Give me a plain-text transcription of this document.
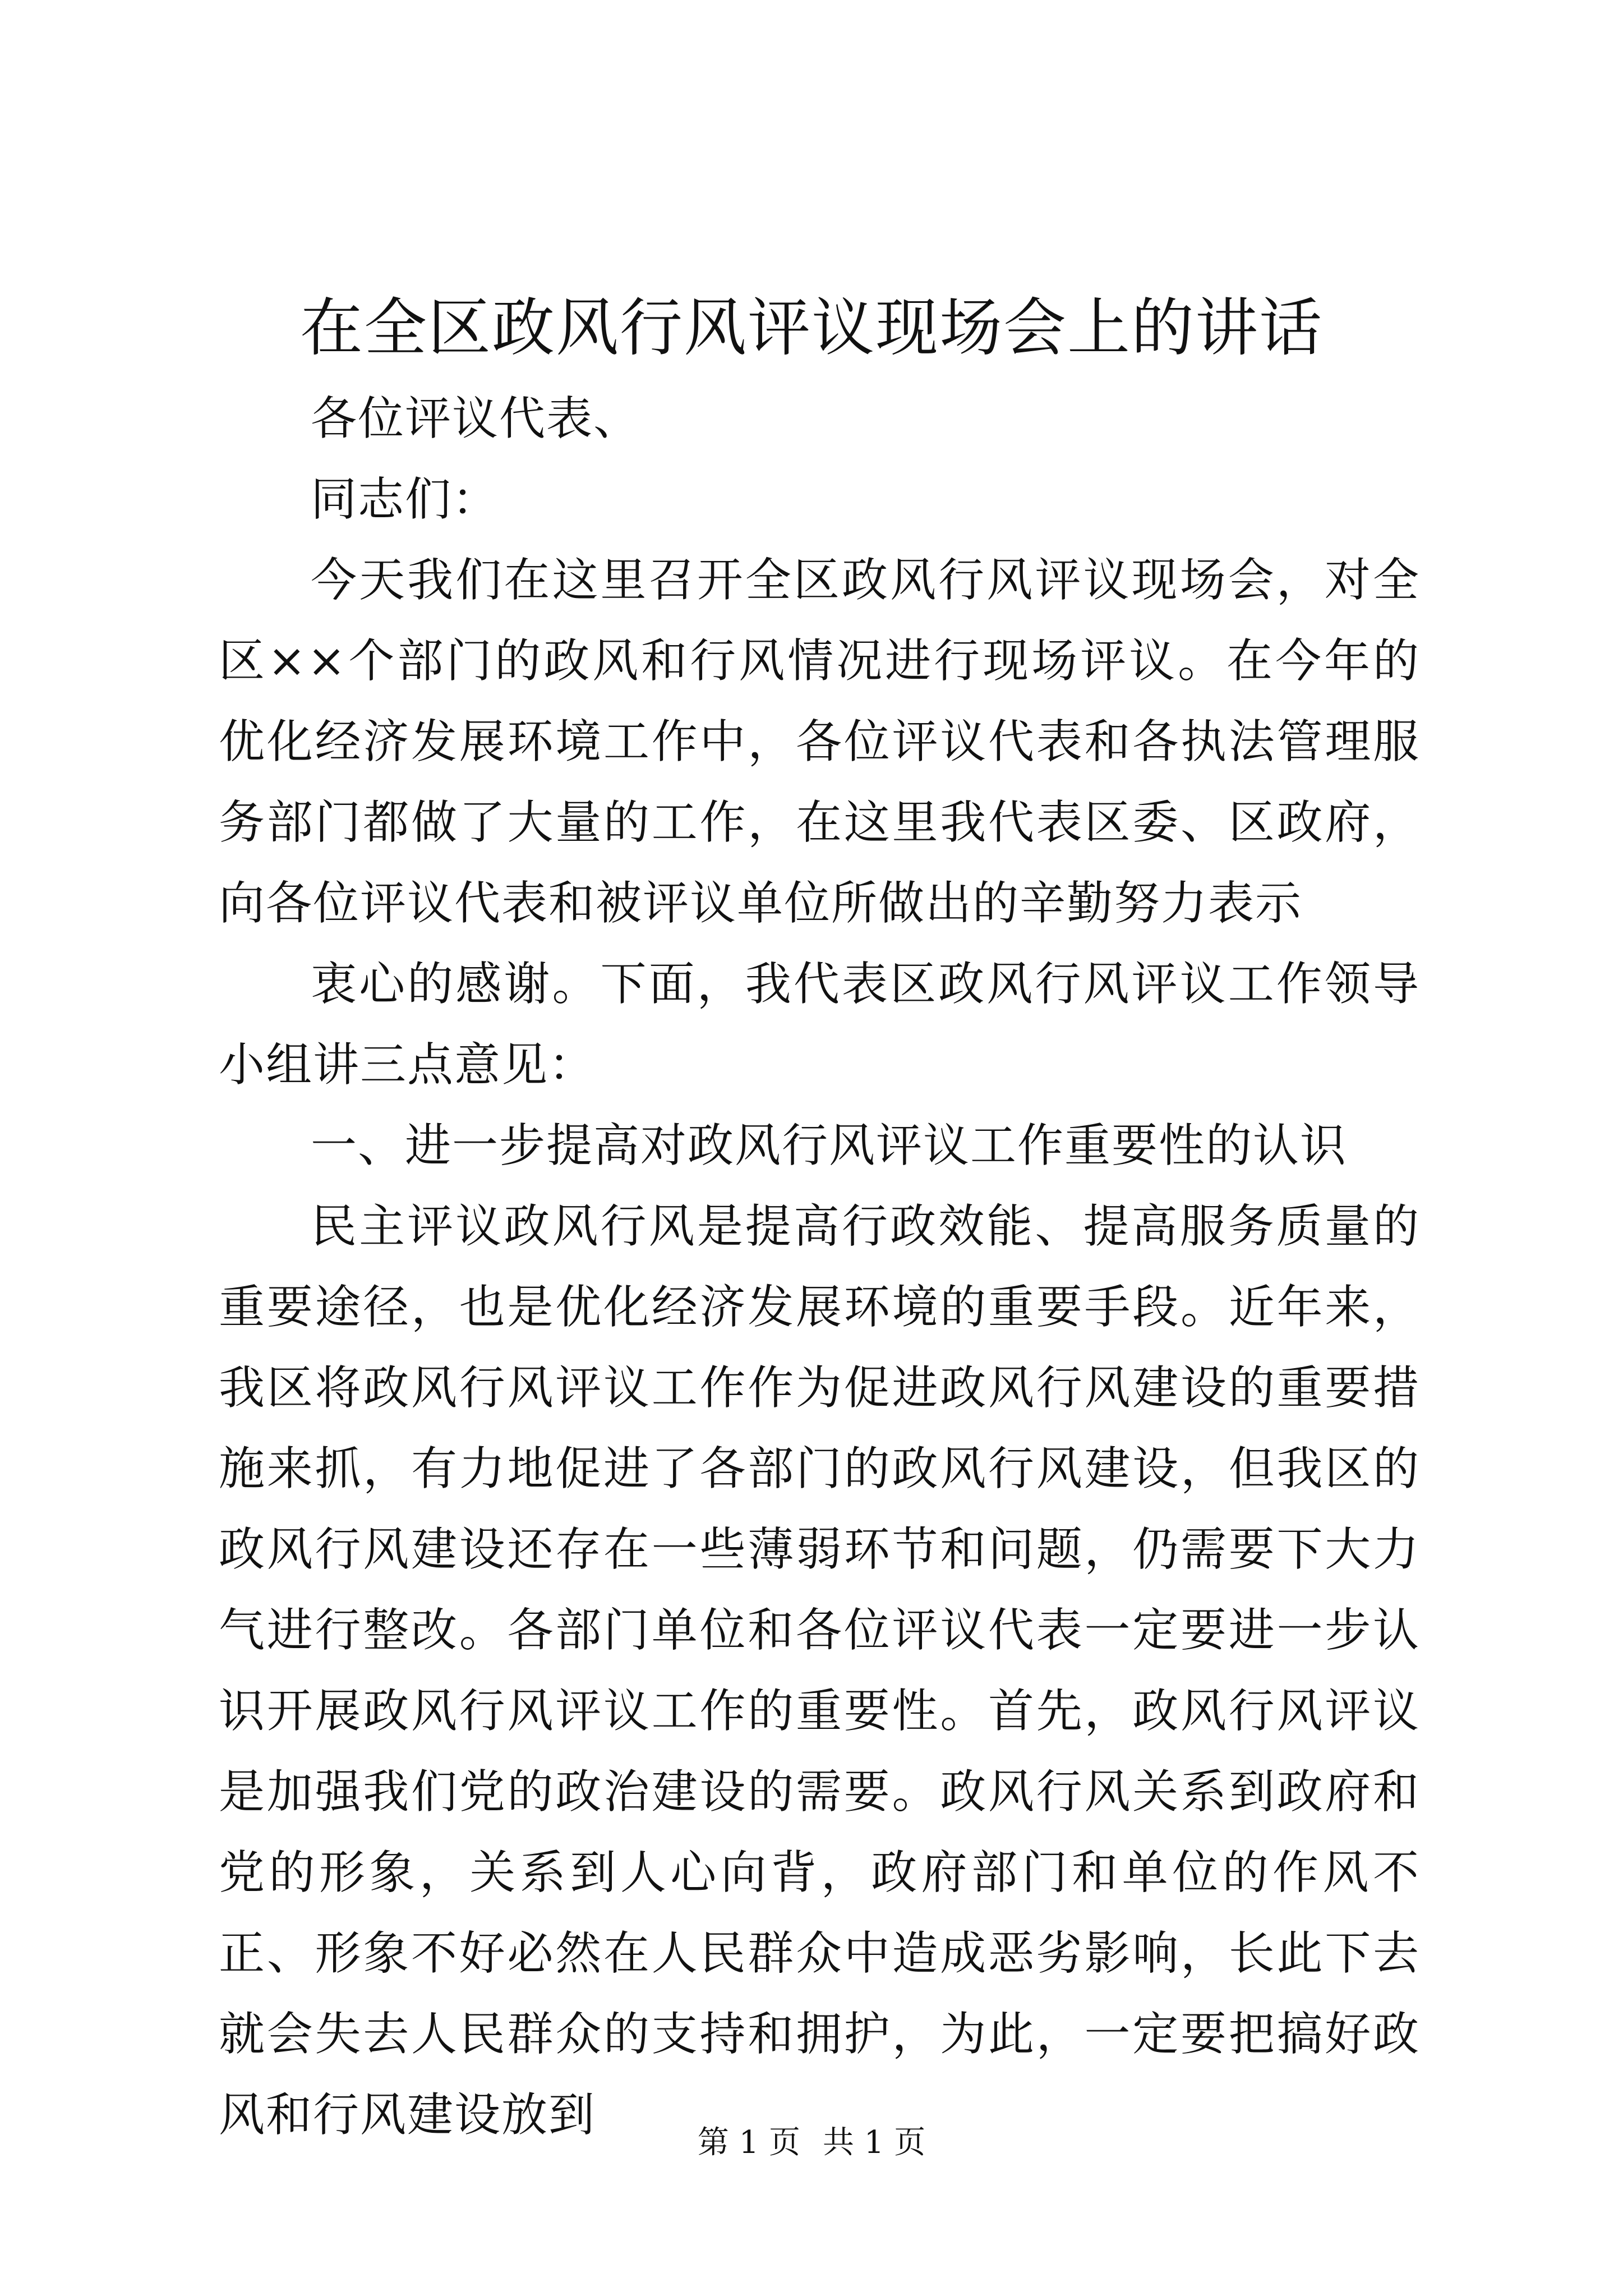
在全区政风行风评议现场会上的讲话

各位评议代表、

同志们：

今天我们在这里召开全区政风行风评议现场会，对全区××个部门的政风和行风情况进行现场评议。在今年的优化经济发展环境工作中，各位评议代表和各执法管理服务部门都做了大量的工作，在这里我代表区委、区政府，向各位评议代表和被评议单位所做出的辛勤努力表示

衷心的感谢。下面，我代表区政风行风评议工作领导小组讲三点意见：

一、进一步提高对政风行风评议工作重要性的认识

民主评议政风行风是提高行政效能、提高服务质量的重要途径，也是优化经济发展环境的重要手段。近年来，我区将政风行风评议工作作为促进政风行风建设的重要措施来抓，有力地促进了各部门的政风行风建设，但我区的政风行风建设还存在一些薄弱环节和问题，仍需要下大力气进行整改。各部门单位和各位评议代表一定要进一步认识开展政风行风评议工作的重要性。首先，政风行风评议是加强我们党的政治建设的需要。政风行风关系到政府和党的形象，关系到人心向背，政府部门和单位的作风不正、形象不好必然在人民群众中造成恶劣影响，长此下去就会失去人民群众的支持和拥护，为此，一定要把搞好政风和行风建设放到

第 1 页 共 1 页
